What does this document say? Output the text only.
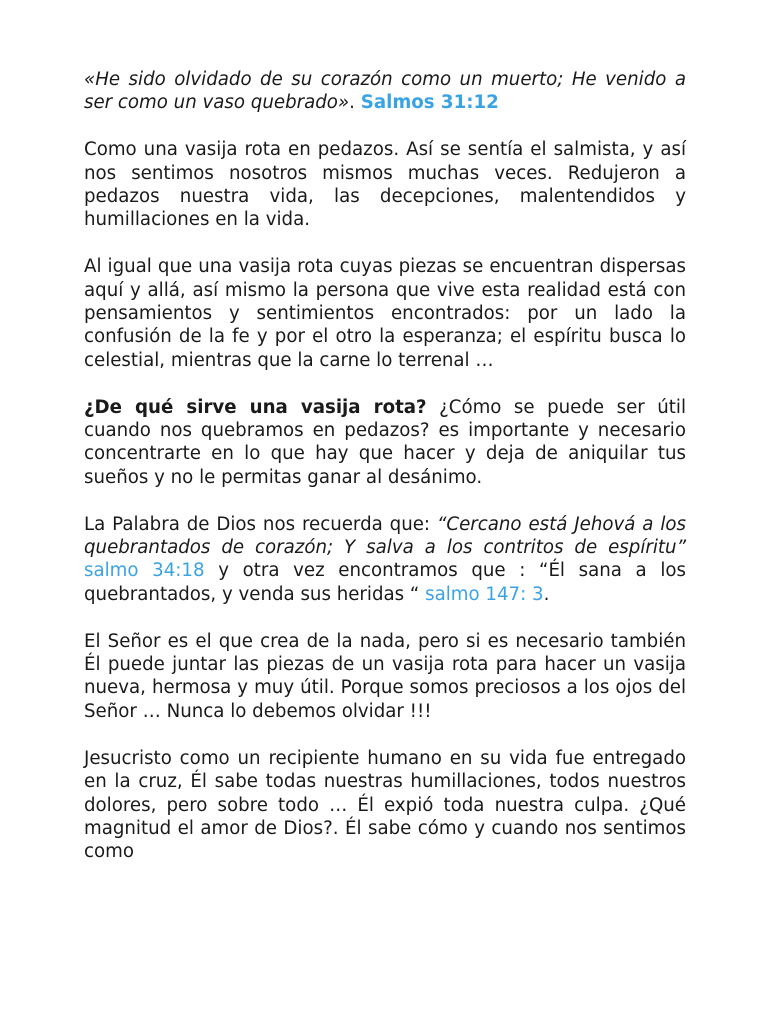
«He sido olvidado de su corazón como un muerto; He venido a ser como un vaso quebrado». Salmos 31:12

Como una vasija rota en pedazos. Así se sentía el salmista, y así nos sentimos nosotros mismos muchas veces. Redujeron a pedazos nuestra vida, las decepciones, malentendidos y humillaciones en la vida.

Al igual que una vasija rota cuyas piezas se encuentran dispersas aquí y allá, así mismo la persona que vive esta realidad está con pensamientos y sentimientos encontrados: por un lado la confusión de la fe y por el otro la esperanza; el espíritu busca lo celestial, mientras que la carne lo terrenal …

¿De qué sirve una vasija rota? ¿Cómo se puede ser útil cuando nos quebramos en pedazos? es importante y necesario concentrarte en lo que hay que hacer y deja de aniquilar tus sueños y no le permitas ganar al desánimo.

La Palabra de Dios nos recuerda que: “Cercano está Jehová a los quebrantados de corazón; Y salva a los contritos de espíritu” salmo 34:18 y otra vez encontramos que : “Él sana a los quebrantados, y venda sus heridas “ salmo 147: 3.

El Señor es el que crea de la nada, pero si es necesario también Él puede juntar las piezas de un vasija rota para hacer un vasija nueva, hermosa y muy útil. Porque somos preciosos a los ojos del Señor … Nunca lo debemos olvidar !!!

Jesucristo como un recipiente humano en su vida fue entregado en la cruz, Él sabe todas nuestras humillaciones, todos nuestros dolores, pero sobre todo … Él expió toda nuestra culpa. ¿Qué magnitud el amor de Dios?. Él sabe cómo y cuando nos sentimos como
